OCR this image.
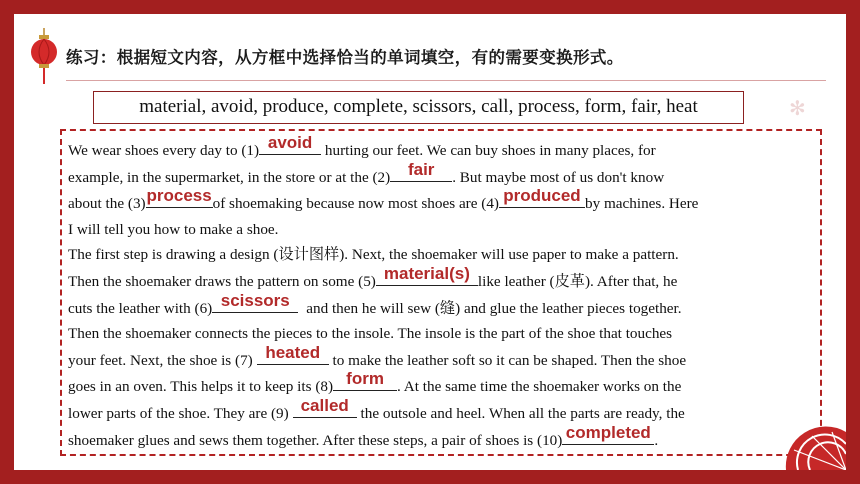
练习：根据短文内容，从方框中选择恰当的单词填空，有的需要变换形式。
material, avoid, produce, complete, scissors, call, process, form, fair, heat	✻
We wear shoes every day to (1) avoid hurting our feet. We can buy shoes in many places, for
example, in the supermarket, in the store or at the (2)	fair	. But maybe most of us don't know
about the (3) process of shoemaking because now most shoes are (4) produced by machines. Here
I will tell you how to make a shoe.
The first step is drawing a design (设计图样). Next, the shoemaker will use paper to make a pattern.
Then the shoemaker draws the pattern on some (5) material(s) like leather (皮革). After that, he
cuts the leather with (6) scissors	and then he will sew (缝) and glue the leather pieces together.
Then the shoemaker connects the pieces to the insole. The insole is the part of the shoe that touches
your feet. Next, the shoe is (7) heated to make the leather soft so it can be shaped. Then the shoe
goes in an oven. This helps it to keep its (8) form . At the same time the shoemaker works on the
lower parts of the shoe. They are (9) called the outsole and heel. When all the parts are ready, the
shoemaker glues and sews them together. After these steps, a pair of shoes is (10) completed .
